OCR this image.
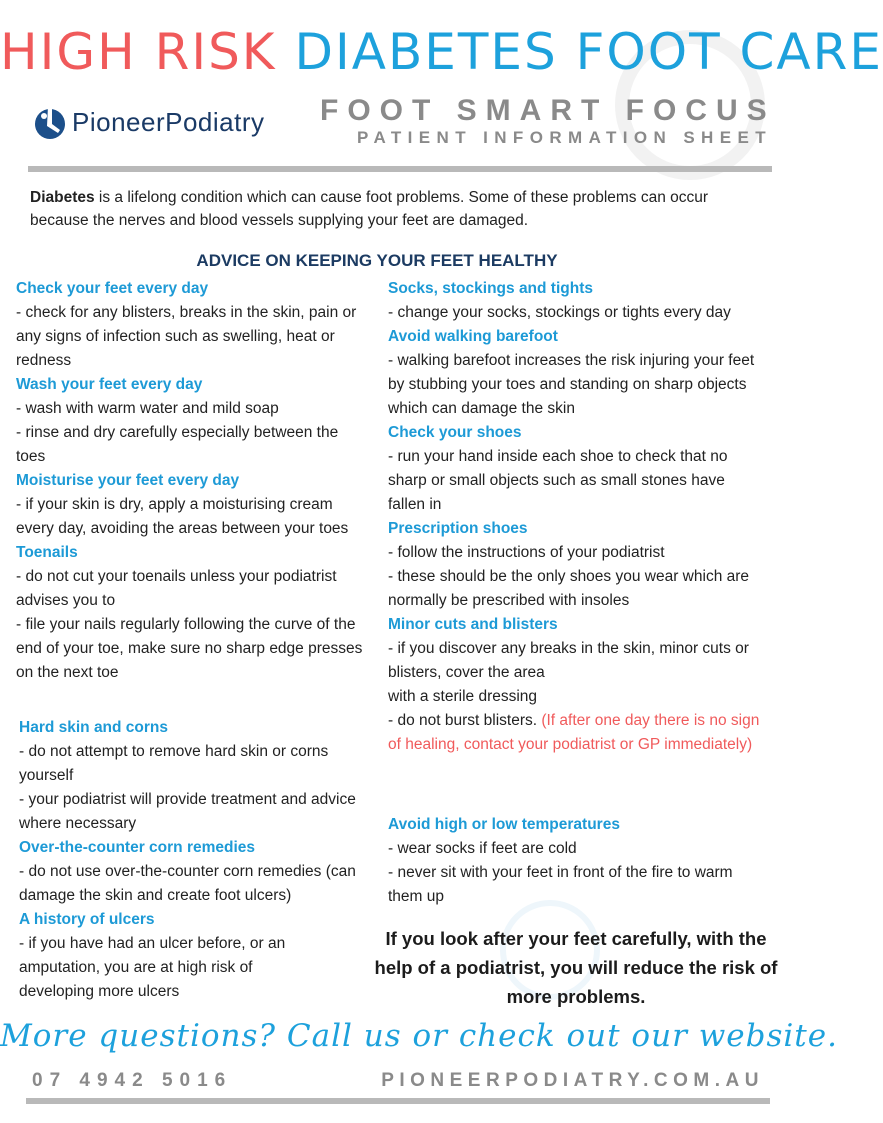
HIGH RISK DIABETES FOOT CARE
PioneerPodiatry FOOT SMART FOCUS
PATIENT INFORMATION SHEET
Diabetes is a lifelong condition which can cause foot problems. Some of these problems can occur because the nerves and blood vessels supplying your feet are damaged.
ADVICE ON KEEPING YOUR FEET HEALTHY
Check your feet every day
- check for any blisters, breaks in the skin, pain or any signs of infection such as swelling, heat or redness
Wash your feet every day
- wash with warm water and mild soap
- rinse and dry carefully especially between the toes
Moisturise your feet every day
- if your skin is dry, apply a moisturising cream every day, avoiding the areas between your toes
Toenails
- do not cut your toenails unless your podiatrist advises you to
- file your nails regularly following the curve of the end of your toe, make sure no sharp edge presses on the next toe
Hard skin and corns
- do not attempt to remove hard skin or corns yourself
- your podiatrist will provide treatment and advice where necessary
Over-the-counter corn remedies
- do not use over-the-counter corn remedies (can damage the skin and create foot ulcers)
A history of ulcers
- if you have had an ulcer before, or an amputation, you are at high risk of developing more ulcers
Socks, stockings and tights
- change your socks, stockings or tights every day
Avoid walking barefoot
- walking barefoot increases the risk injuring your feet by stubbing your toes and standing on sharp objects which can damage the skin
Check your shoes
- run your hand inside each shoe to check that no sharp or small objects such as small stones have fallen in
Prescription shoes
- follow the instructions of your podiatrist
- these should be the only shoes you wear which are normally be prescribed with insoles
Minor cuts and blisters
- if you discover any breaks in the skin, minor cuts or blisters, cover the area
with a sterile dressing
- do not burst blisters. (If after one day there is no sign of healing, contact your podiatrist or GP immediately)
Avoid high or low temperatures
- wear socks if feet are cold
- never sit with your feet in front of the fire to warm them up
If you look after your feet carefully, with the help of a podiatrist, you will reduce the risk of more problems.
More questions? Call us or check out our website.
07 4942 5016	PIONEERPODIATRY.COM.AU
